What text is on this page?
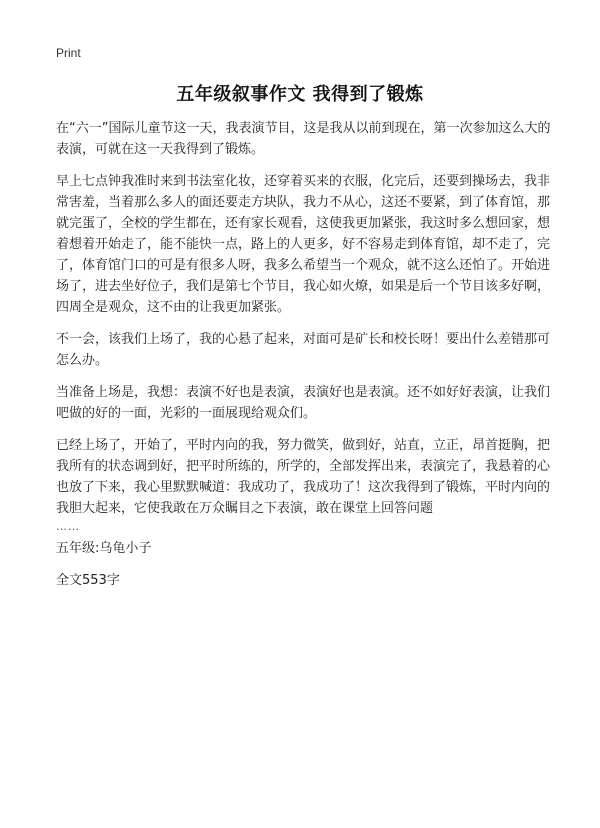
Print
五年级叙事作文 我得到了锻炼

在“六一”国际儿童节这一天，我表演节目，这是我从以前到现在，第一次参加这么大的表演，可就在这一天我得到了锻炼。

早上七点钟我准时来到书法室化妆，还穿着买来的衣服，化完后，还要到操场去，我非常害羞，当着那么多人的面还要走方块队，我力不从心，这还不要紧，到了体育馆，那就完蛋了，全校的学生都在，还有家长观看，这使我更加紧张，我这时多么想回家，想着想着开始走了，能不能快一点，路上的人更多，好不容易走到体育馆，却不走了，完了，体育馆门口的可是有很多人呀，我多么希望当一个观众，就不这么还怕了。开始进场了，进去坐好位子，我们是第七个节目，我心如火燎，如果是后一个节目该多好啊，四周全是观众，这不由的让我更加紧张。

不一会，该我们上场了，我的心悬了起来，对面可是矿长和校长呀！要出什么差错那可怎么办。

当准备上场是，我想：表演不好也是表演，表演好也是表演。还不如好好表演，让我们吧做的好的一面，光彩的一面展现给观众们。

已经上场了，开始了，平时内向的我，努力微笑，做到好，站直，立正，昂首挺胸，把我所有的状态调到好，把平时所练的，所学的，全部发挥出来，表演完了，我悬着的心也放了下来，我心里默默喊道：我成功了，我成功了！这次我得到了锻炼，平时内向的我胆大起来，它使我敢在万众瞩目之下表演，敢在课堂上回答问题

……

五年级:乌龟小子

全文553字
